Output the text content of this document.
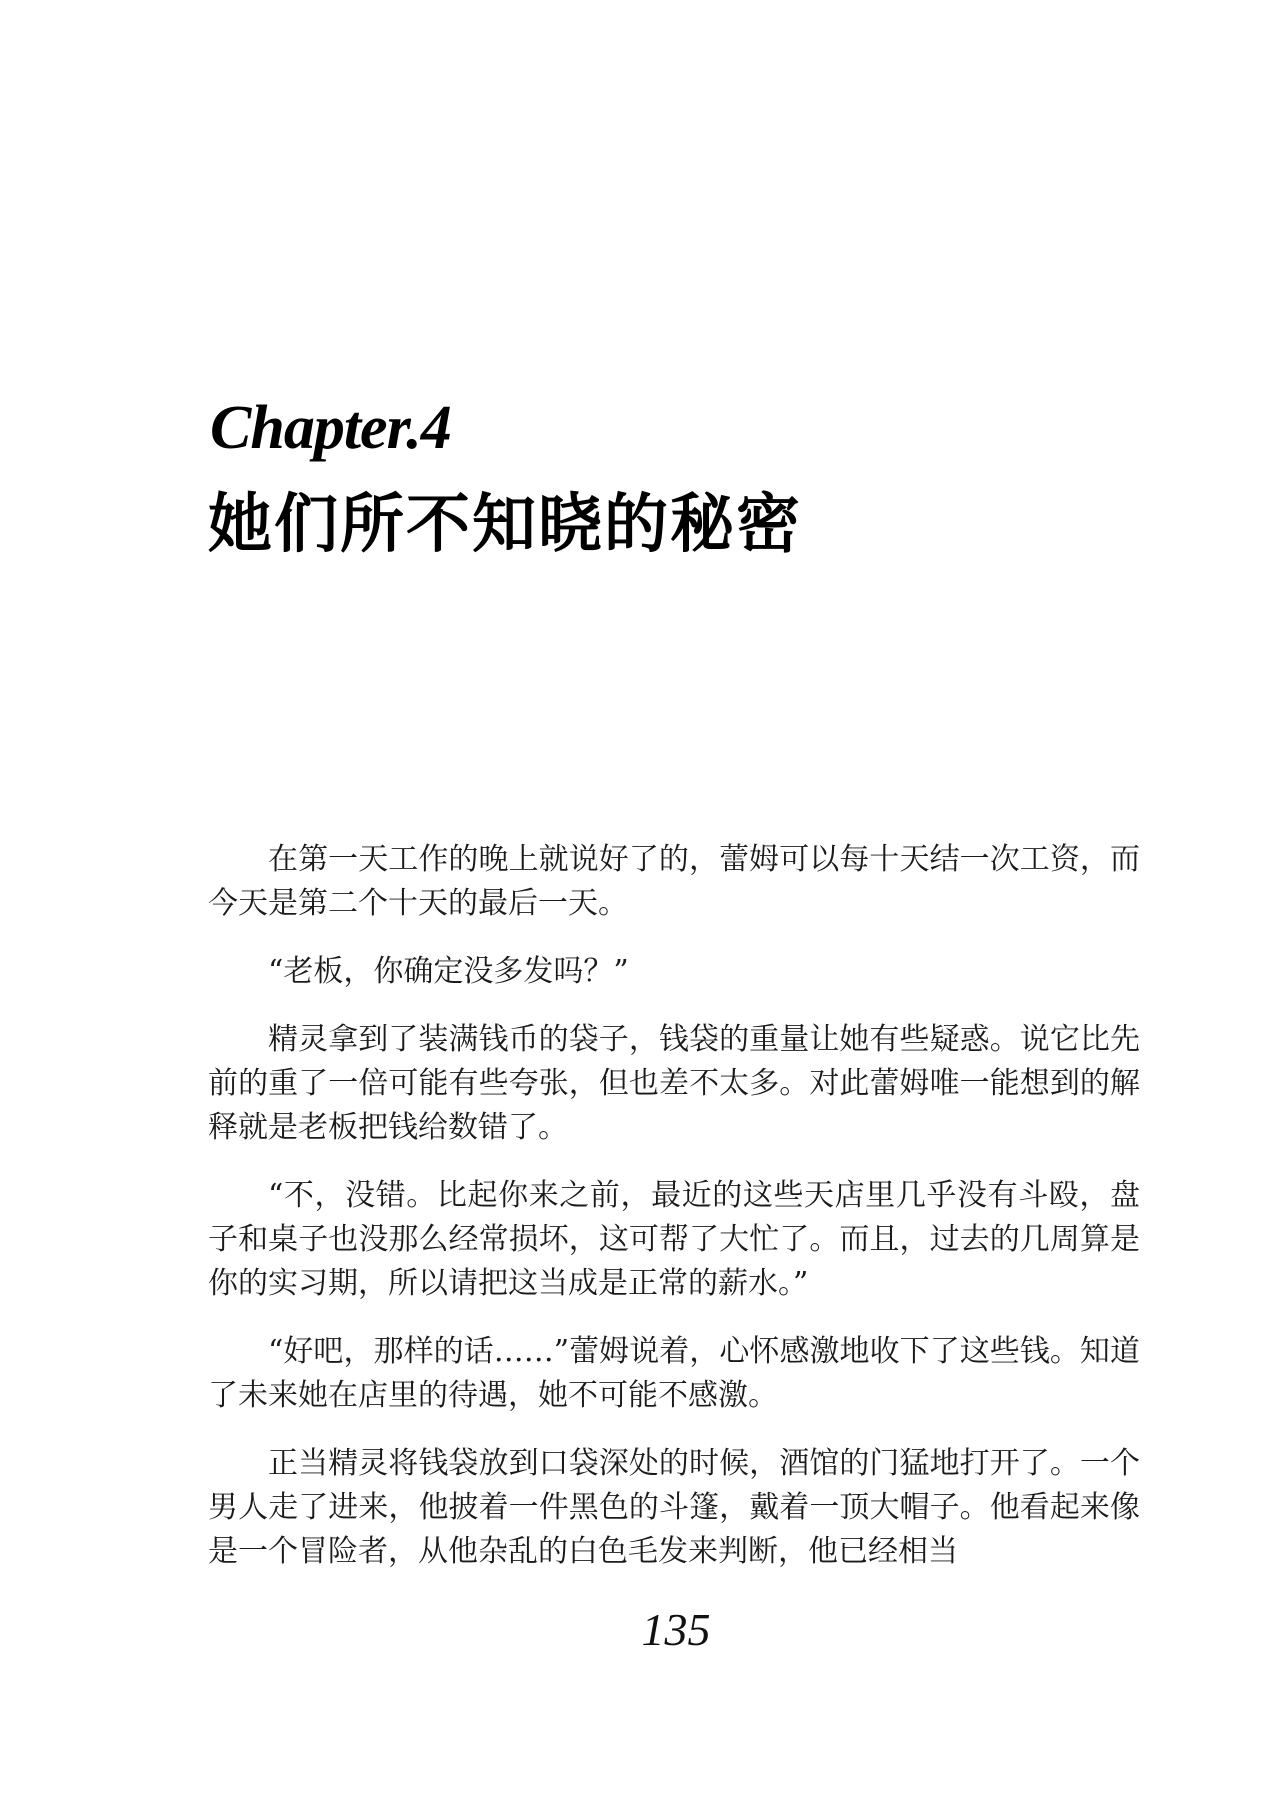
Chapter.4
她们所不知晓的秘密

在第一天工作的晚上就说好了的，蕾姆可以每十天结一次工资，而今天是第二个十天的最后一天。

“老板，你确定没多发吗？”

精灵拿到了装满钱币的袋子，钱袋的重量让她有些疑惑。说它比先前的重了一倍可能有些夸张，但也差不太多。对此蕾姆唯一能想到的解释就是老板把钱给数错了。

“不，没错。比起你来之前，最近的这些天店里几乎没有斗殴，盘子和桌子也没那么经常损坏，这可帮了大忙了。而且，过去的几周算是你的实习期，所以请把这当成是正常的薪水。”

“好吧，那样的话……”蕾姆说着，心怀感激地收下了这些钱。知道了未来她在店里的待遇，她不可能不感激。

正当精灵将钱袋放到口袋深处的时候，酒馆的门猛地打开了。一个男人走了进来，他披着一件黑色的斗篷，戴着一顶大帽子。他看起来像是一个冒险者，从他杂乱的白色毛发来判断，他已经相当

135
